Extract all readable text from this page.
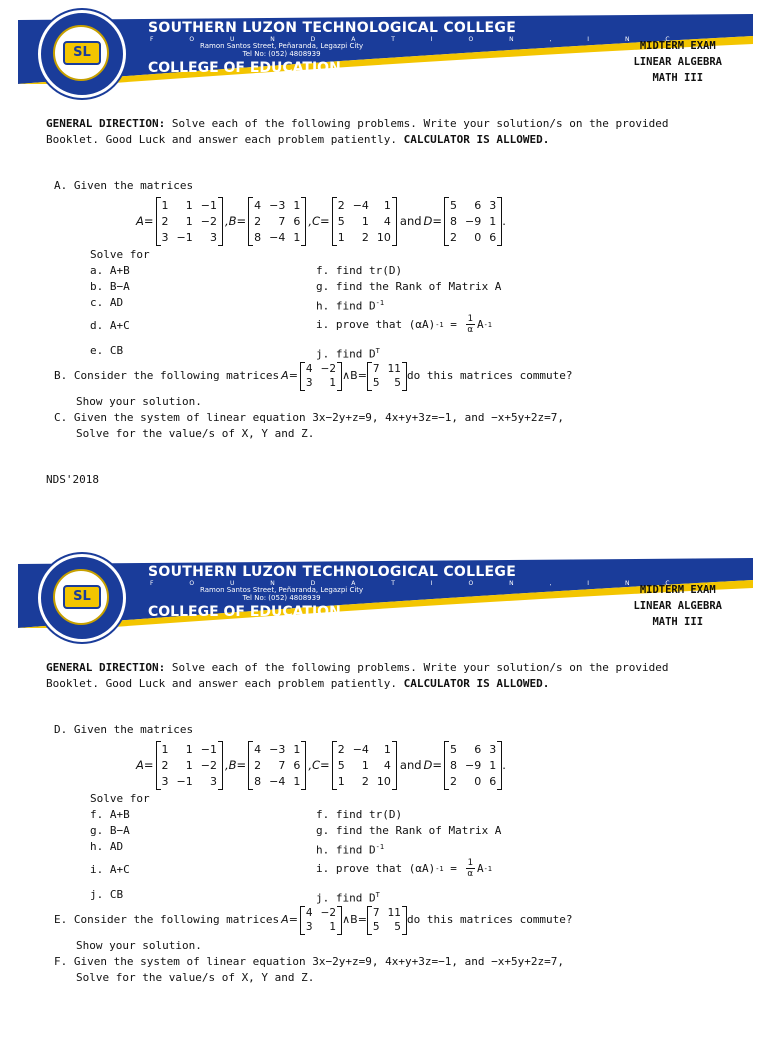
SL
SOUTHERN LUZON TECHNOLOGICAL COLLEGE
F O U N D A T I O N , I N C .
Ramon Santos Street, Peñaranda, Legazpi City
Tel No: (052) 4808939
COLLEGE OF EDUCATION
MIDTERM EXAM
LINEAR ALGEBRA
MATH III
GENERAL DIRECTION: Solve each of the following problems. Write your solution/s on the provided Booklet. Good Luck and answer each problem patiently. CALCULATOR IS ALLOWED.
A. Given the matrices
A=
1	1 −1
2	1 −2
3 −1	3
,B=
4 −3 1
2	7 6
8 −4 1
,C=
2 −4	1
5	1	4
1	2 10
and D=
5	6 3
8 −9 1
2	0 6
.
Solve for
a. A+B
b. B−A
c. AD
d. A+C
e. CB
f. find tr(D)
g. find the Rank of Matrix A
h. find $D^{-1}$
i. prove that (αA) $-1 = \frac{1}{\alpha}$ A -1
j. find $D^T$
B. Consider the following matrices A=
4 −2
3	1
∧B=
7 11
5	5
do this matrices commute?
Show your solution.
C. Given the system of linear equation 3x−2y+z=9, 4x+y+3z=−1, and −x+5y+2z=7,
Solve for the value/s of X, Y and Z.
NDS'2018
SL
SOUTHERN LUZON TECHNOLOGICAL COLLEGE
F O U N D A T I O N , I N C .
Ramon Santos Street, Peñaranda, Legazpi City
Tel No: (052) 4808939
COLLEGE OF EDUCATION
MIDTERM EXAM
LINEAR ALGEBRA
MATH III
GENERAL DIRECTION: Solve each of the following problems. Write your solution/s on the provided Booklet. Good Luck and answer each problem patiently. CALCULATOR IS ALLOWED.
D. Given the matrices
A=
1	1 −1
2	1 −2
3 −1	3
,B=
4 −3 1
2	7 6
8 −4 1
,C=
2 −4	1
5	1	4
1	2 10
and D=
5	6 3
8 −9 1
2	0 6
.
Solve for
f. A+B
g. B−A
h. AD
i. A+C
j. CB
f. find tr(D)
g. find the Rank of Matrix A
h. find $D^{-1}$
i. prove that (αA) $-1 = \frac{1}{\alpha}$ A -1
j. find $D^T$
E. Consider the following matrices A=
4 −2
3	1
∧B=
7 11
5	5
do this matrices commute?
Show your solution.
F. Given the system of linear equation 3x−2y+z=9, 4x+y+3z=−1, and −x+5y+2z=7,
Solve for the value/s of X, Y and Z.
